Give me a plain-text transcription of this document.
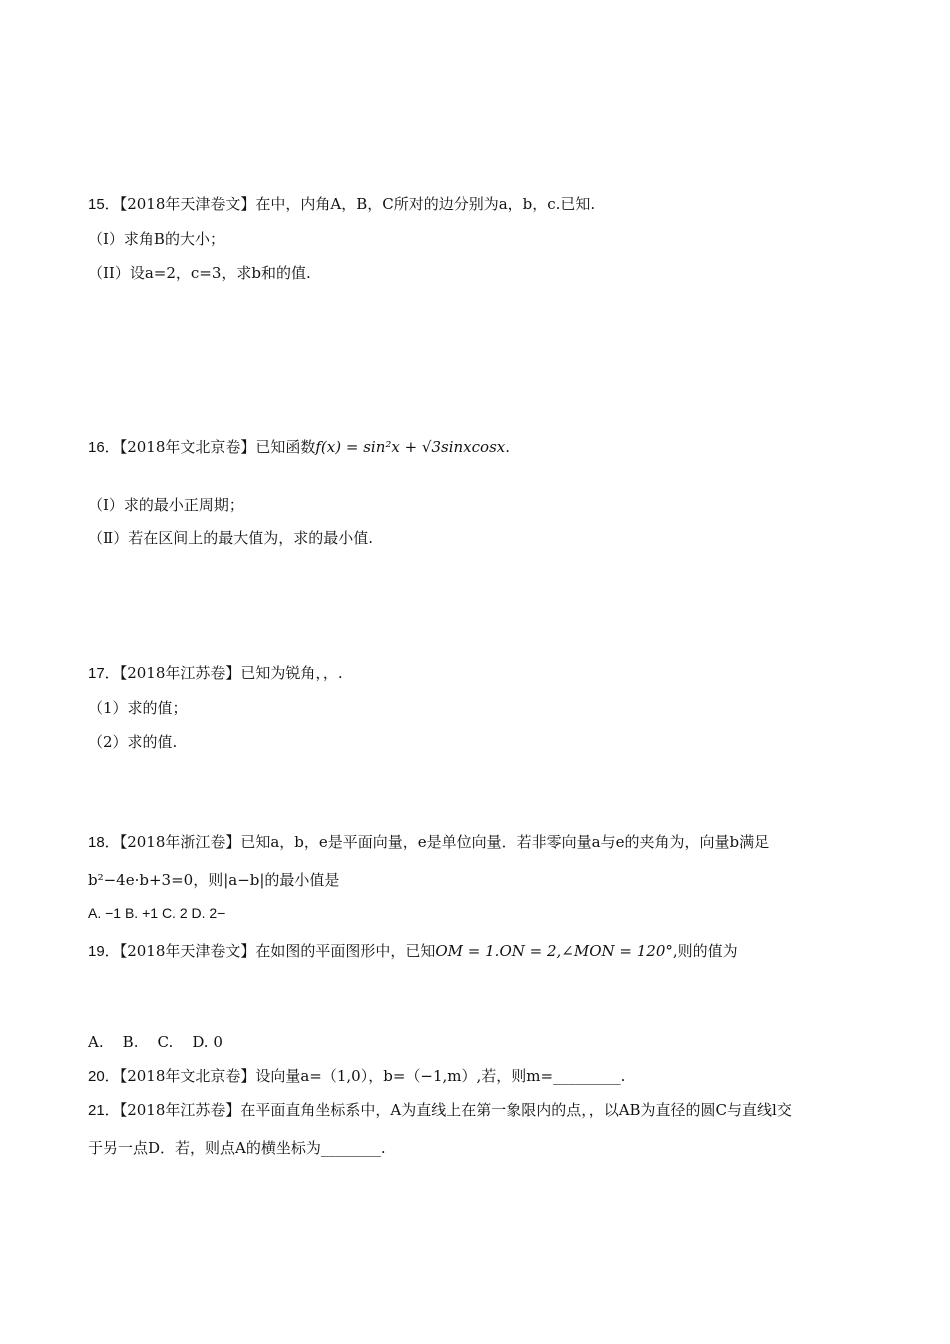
15．【2018年天津卷文】在中，内角A，B，C所对的边分别为a，b，c.已知.
（I）求角B的大小；
（II）设a=2，c=3，求b和的值.
16．【2018年文北京卷】已知函数f(x) = sin²x + √3sinxcosx.
（Ⅰ）求的最小正周期；
（Ⅱ）若在区间上的最大值为，求的最小值.
17．【2018年江苏卷】已知为锐角，，.
（1）求的值；
（2）求的值.
18．【2018年浙江卷】已知a，b，e是平面向量，e是单位向量．若非零向量a与e的夹角为，向量b满足
b²−4e·b+3=0，则|a−b|的最小值是
A. −1 B. +1 C. 2 D. 2−
19．【2018年天津卷文】在如图的平面图形中，已知OM = 1.ON = 2,∠MON = 120°,则的值为
A.    B.    C.    D. 0
20．【2018年文北京卷】设向量a=（1,0），b=（−1,m）,若，则m=_________.
21．【2018年江苏卷】在平面直角坐标系中，A为直线上在第一象限内的点，，以AB为直径的圆C与直线l交
于另一点D．若，则点A的横坐标为________.
